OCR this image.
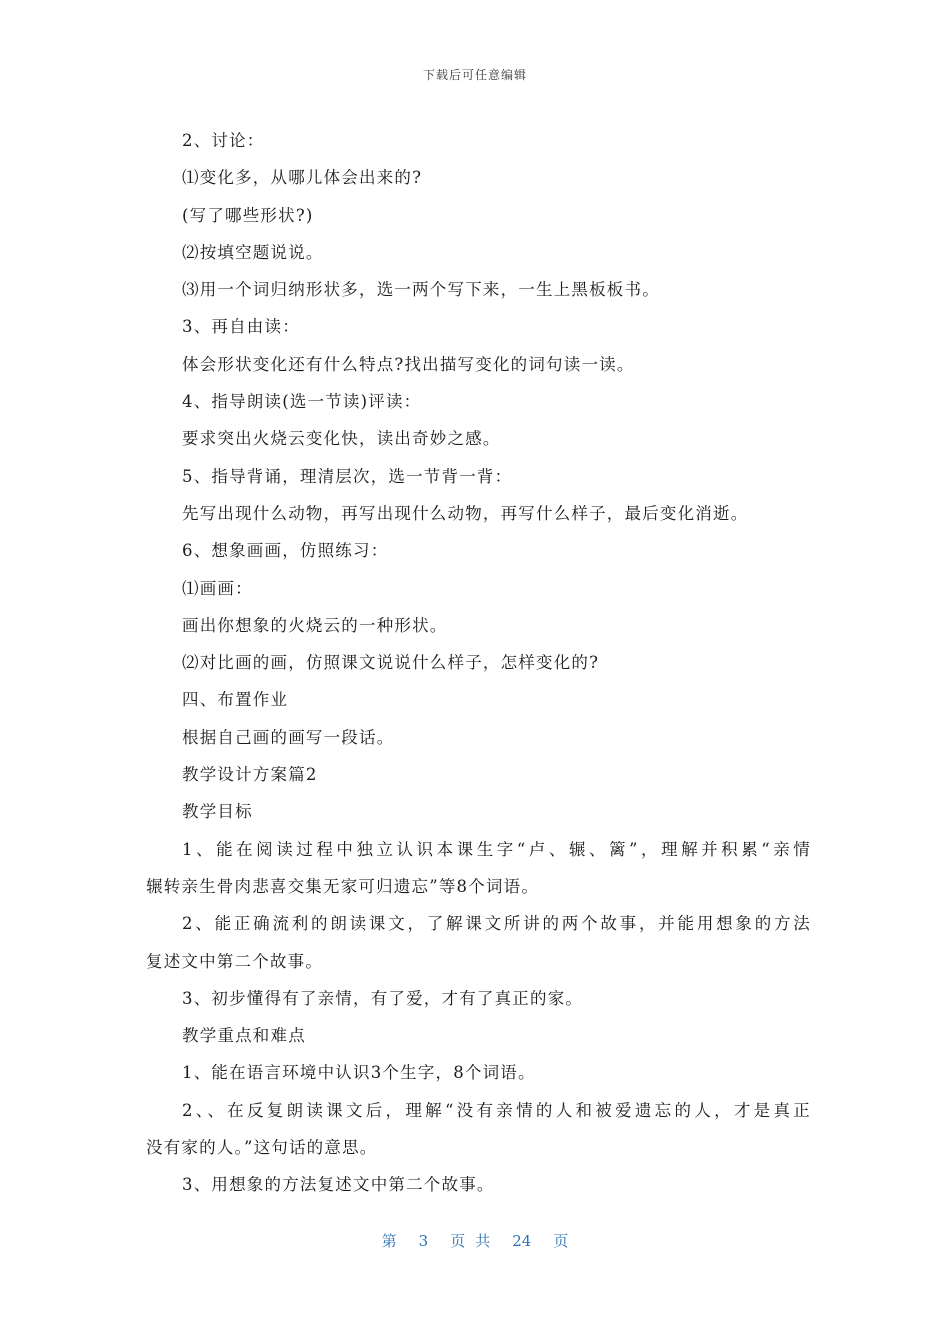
下载后可任意编辑
2、讨论：
⑴变化多，从哪儿体会出来的?
(写了哪些形状?)
⑵按填空题说说。
⑶用一个词归纳形状多，选一两个写下来，一生上黑板板书。
3、再自由读：
体会形状变化还有什么特点?找出描写变化的词句读一读。
4、指导朗读(选一节读)评读：
要求突出火烧云变化快，读出奇妙之感。
5、指导背诵，理清层次，选一节背一背：
先写出现什么动物，再写出现什么动物，再写什么样子，最后变化消逝。
6、想象画画，仿照练习：
⑴画画：
画出你想象的火烧云的一种形状。
⑵对比画的画，仿照课文说说什么样子，怎样变化的?
四、布置作业
根据自己画的画写一段话。
教学设计方案篇2
教学目标
1、能在阅读过程中独立认识本课生字“卢、辗、篱”，理解并积累“亲情
辗转亲生骨肉悲喜交集无家可归遗忘”等8个词语。
2、能正确流利的朗读课文，了解课文所讲的两个故事，并能用想象的方法
复述文中第二个故事。
3、初步懂得有了亲情，有了爱，才有了真正的家。
教学重点和难点
1、能在语言环境中认识3个生字，8个词语。
2、、在反复朗读课文后，理解“没有亲情的人和被爱遗忘的人，才是真正
没有家的人。”这句话的意思。
3、用想象的方法复述文中第二个故事。
第 3 页共 24 页
